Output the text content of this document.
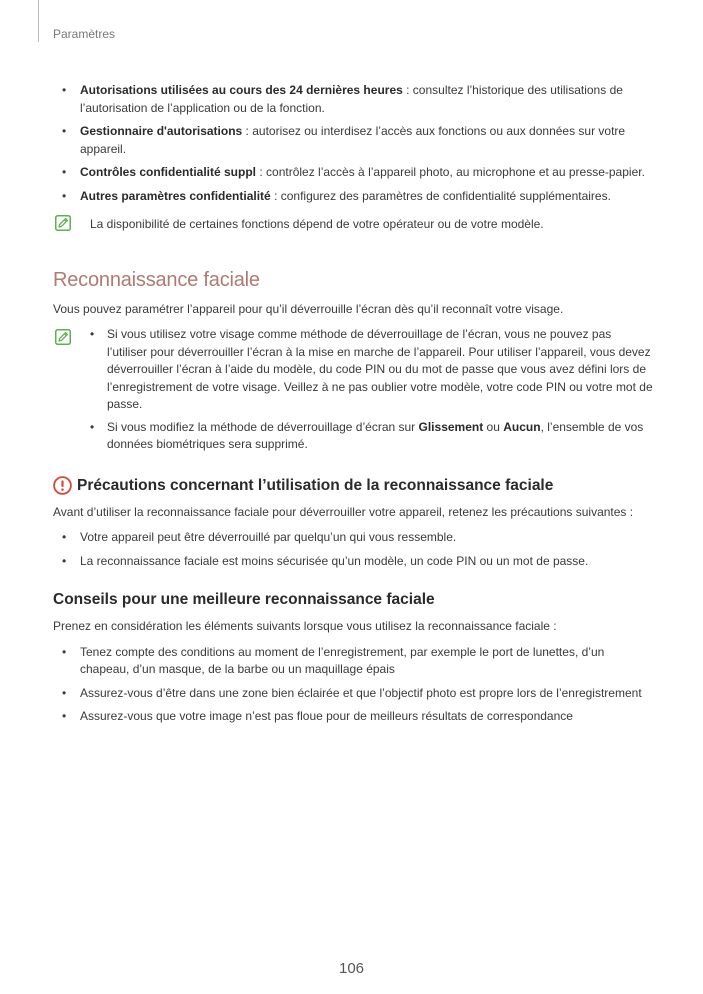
Paramètres
• Autorisations utilisées au cours des 24 dernières heures : consultez l’historique des utilisations de l’autorisation de l’application ou de la fonction.
• Gestionnaire d'autorisations : autorisez ou interdisez l’accès aux fonctions ou aux données sur votre appareil.
• Contrôles confidentialité suppl : contrôlez l’accès à l’appareil photo, au microphone et au presse-papier.
• Autres paramètres confidentialité : configurez des paramètres de confidentialité supplémentaires.
La disponibilité de certaines fonctions dépend de votre opérateur ou de votre modèle.
Reconnaissance faciale

Vous pouvez paramétrer l’appareil pour qu’il déverrouille l’écran dès qu’il reconnaît votre visage.

• Si vous utilisez votre visage comme méthode de déverrouillage de l’écran, vous ne pouvez pas l’utiliser pour déverrouiller l’écran à la mise en marche de l’appareil. Pour utiliser l’appareil, vous devez déverrouiller l’écran à l’aide du modèle, du code PIN ou du mot de passe que vous avez défini lors de l’enregistrement de votre visage. Veillez à ne pas oublier votre modèle, votre code PIN ou votre mot de passe.
• Si vous modifiez la méthode de déverrouillage d’écran sur Glissement ou Aucun, l’ensemble de vos données biométriques sera supprimé.
Précautions concernant l’utilisation de la reconnaissance faciale

Avant d’utiliser la reconnaissance faciale pour déverrouiller votre appareil, retenez les précautions suivantes :

• Votre appareil peut être déverrouillé par quelqu’un qui vous ressemble.
• La reconnaissance faciale est moins sécurisée qu’un modèle, un code PIN ou un mot de passe.
Conseils pour une meilleure reconnaissance faciale

Prenez en considération les éléments suivants lorsque vous utilisez la reconnaissance faciale :

• Tenez compte des conditions au moment de l’enregistrement, par exemple le port de lunettes, d’un chapeau, d’un masque, de la barbe ou un maquillage épais
• Assurez-vous d’être dans une zone bien éclairée et que l’objectif photo est propre lors de l’enregistrement
• Assurez-vous que votre image n’est pas floue pour de meilleurs résultats de correspondance
106
